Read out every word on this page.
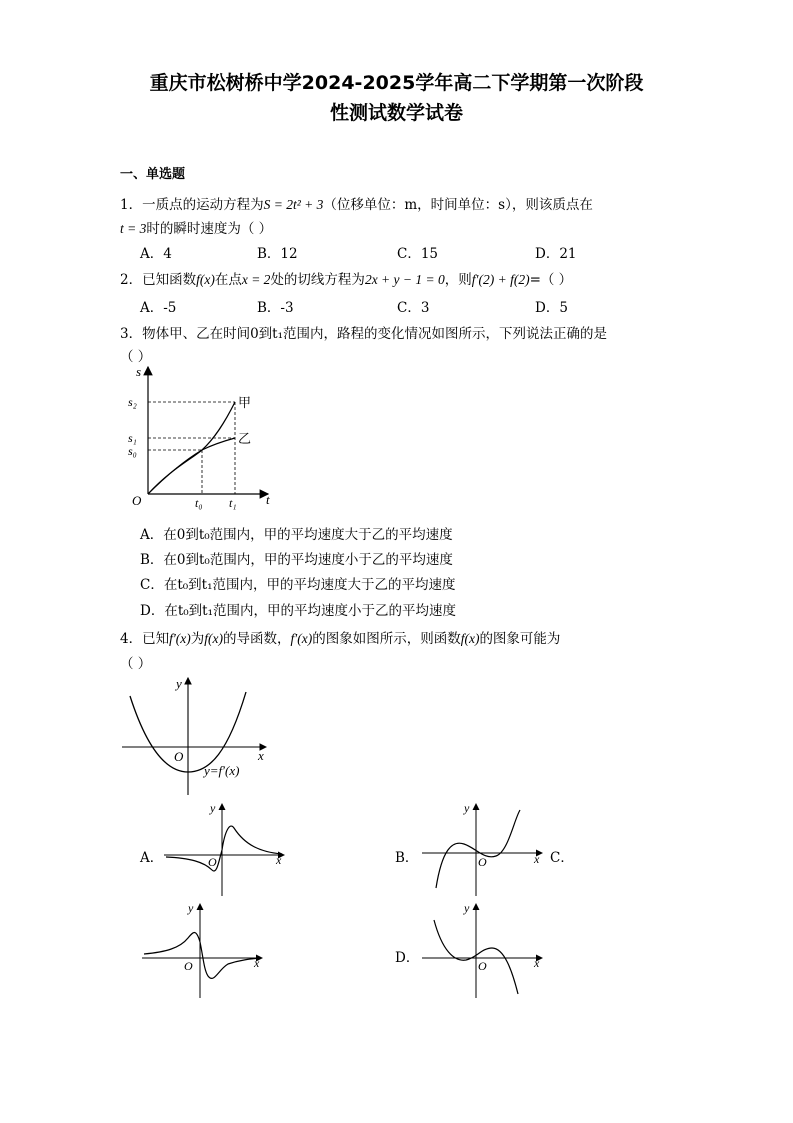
重庆市松树桥中学2024-2025学年高二下学期第一次阶段
性测试数学试卷
一、单选题
1．一质点的运动方程为S = 2t² + 3（位移单位：m，时间单位：s），则该质点在
t = 3时的瞬时速度为（ ）
A．4	B．12	C．15	D．21
2．已知函数f(x)在点x = 2处的切线方程为2x + y − 1 = 0，则f′(2) + f(2)=（ ）
A．-5	B．-3	C．3	D．5
3．物体甲、乙在时间0到t₁范围内，路程的变化情况如图所示，下列说法正确的是
（ ）
s
t
O
s₂
s₁
s₀
t₀ t₁
甲
乙
A．在0到t₀范围内，甲的平均速度大于乙的平均速度
B．在0到t₀范围内，甲的平均速度小于乙的平均速度
C．在t₀到t₁范围内，甲的平均速度大于乙的平均速度
D．在t₀到t₁范围内，甲的平均速度小于乙的平均速度
4．已知f′(x)为f(x)的导函数，f′(x)的图象如图所示，则函数f(x)的图象可能为
（ ）
y
x
O
y=f′(x)
A．
y
x
O	B．
y
x
O	C．
y
x
O	D．
y
x
O
